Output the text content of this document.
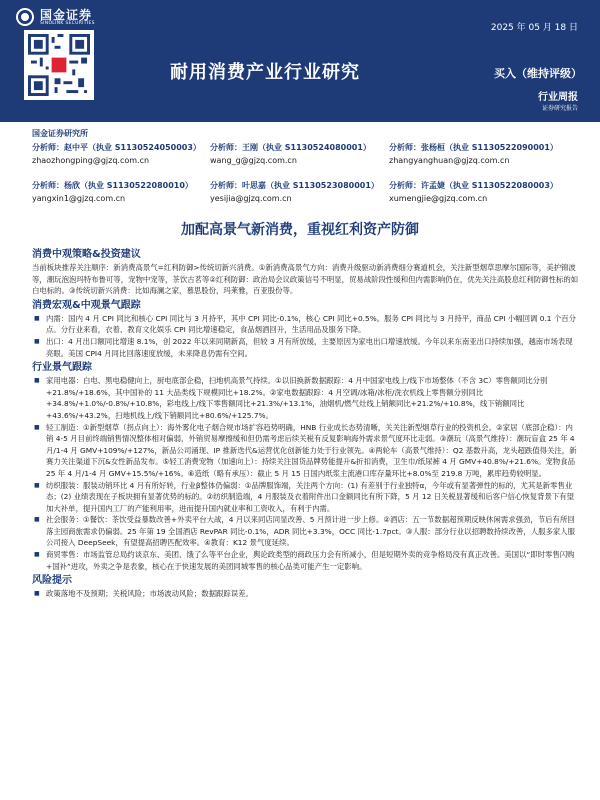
国金证券
SINOLINK SECURITIES	2025 年 05 月 18 日
耐用消费产业行业研究	买入（维持评级）
行业周报
证券研究报告
国金证券研究所
分析师：赵中平（执业 S1130524050003）
zhaozhongping@gjzq.com.cn
分析师：王刚（执业 S1130524080001）
wang_g@gjzq.com.cn
分析师：张杨桓（执业 S1130522090001）
zhangyanghuan@gjzq.com.cn
分析师：杨欣（执业 S1130522080010）
yangxin1@gjzq.com.cn
分析师：叶思嘉（执业 S1130523080001）
yesijia@gjzq.com.cn
分析师：许孟婕（执业 S1130522080003）
xumengjie@gjzq.com.cn
加配高景气新消费，重视红利资产防御
消费中观策略&投资建议
当前板块推荐关注顺序：新消费高景气=红利防御>传统切新兴消费。①新消费高景气方向：消费升级驱动新消费细分赛道机会，关注新型烟草思摩尔国际等，美护锦波等，潮玩泡泡玛特布鲁可等，宠物中宠等，茶饮古茗等②红利防御：政治局会议政策信号不明显，贸易战阶段性缓和但内需影响仍在，优先关注高股息红利防御性标的如白电标的。③传统切新兴消费：比如海澜之家，慕思股份，玛莱雅，百亚股份等。
消费宏观&中观景气跟踪
■ 内需：国内 4 月 CPI 同比和核心 CPI 同比与 3 月持平，其中 CPI 同比-0.1%，核心 CPI 同比+0.5%。服务 CPI 同比与 3 月持平，商品 CPI 小幅回调 0.1 个百分点。分行业来看，衣着、教育文化娱乐 CPI 同比增速稳定，食品烟酒回升，生活用品及服务下降。
■ 出口：4 月出口额同比增速 8.1%，创 2022 年以来同期新高，但较 3 月有所放缓，主要原因为家电出口增速放缓。今年以来东南亚出口持续加强，越南市场表现亮眼。美国 CPI4 月同比回落速度放缓，未来降息仍需有空间。
行业景气跟踪
■ 家用电器：白电、黑电稳健向上，厨电底部企稳，扫地机高景气持续。①以旧换新数据跟踪：4 月中国家电线上/线下市场整体（不含 3C）零售额同比分别+21.8%/+18.6%，其中国补的 11 大品类线下规模同比+18.2%。②家电数据跟踪：4 月空调/冰箱/冰柜/洗衣机线上零售额分别同比+34.8%/+1.0%/-0.8%/+10.8%，彩电线上/线下零售额同比+21.3%/+13.1%，油烟机/燃气灶线上销额同比+21.2%/+10.8%，线下销额同比+43.6%/+43.2%，扫地机线上/线下销额同比+80.6%/+125.7%。
■ 轻工制造：①新型烟草（拐点向上）：海外雾化电子烟合规市场扩容趋势明确，HNB 行业成长态势清晰，关关注新型烟草行业的投资机会。②家居（底部企稳）：内销 4-5 月目前终端销售情况整体相对偏弱，外销贸易摩擦缓和但仍需考虑后续关税有反复影响海外需求景气度环比走弱。③潮玩（高景气维持）：潮玩盲盒 25 年 4 月/1-4 月 GMV+109%/+127%，新品公司涌现、IP 推新迭代&运营优化创新能力处于行业领先。④两轮车（高景气维持）：Q2 基数升高，龙头超跌值得关注，新赛力关注渠道下沉&女性新品发布。⑤轻工消费宠物（加速向上）：持续关注国货品牌势能提升&折扣消费，卫生巾/纸尿裤 4 月 GMV+40.8%/+21.6%。宠物食品 25 年 4 月/1-4 月 GMV+15.5%/+16%。⑥造纸（略有承压）：截止 5 月 15 日国内纸浆主流港口库存量环比+8.0%至 219.8 万吨，累库趋势较明显。
■ 纺织服装：服装动销环比 4 月有所好转，行业β整体仍偏弱：①品牌服饰端，关注两个方向：(1) 有差别于行业独特α，今年或有显著弹性的标的，尤其是新零售业态；(2) 业绩表现在子板块拥有显著优势的标的。②纺织制造端，4 月服装及衣着附件出口金额同比有所下降，5 月 12 日关税显著缓和后客户信心恢复背景下有望加大补单，提升国内工厂的产能利用率，进而提升国内就业率和工资收入，有利于内需。
■ 社会服务：①餐饮：茶饮受益暴数改善+外卖平台大战，4 月以来同店同显改善、5 月预计进一步上修。②酒店：五一节数据超预期反映休闲需求强劲，节后有所回落主园商旅需求仍偏弱。25 年第 19 全国酒店 RevPAR 同比-0.1%，ADR 同比+3.3%，OCC 同比-1.7pct。③人服：部分行业以招聘数持续改善，人服多家人服公司接入 DeepSeek，有望提高招聘匹配效率。④教育：K12 景气度延续。
■ 商贸零售：市场监管总局约谈京东、美团、饿了么等平台企业，舆论政类型的商政压力会有所减小，但是短期外卖的竞争格局没有真正改善。美国以“即时零售闪购+国补”进攻，外卖之争是表象，核心在于快速发展的美团同城零售的核心品类可能产生一定影响。
风险提示
■ 政策落地不及预期；关税风险；市场波动风险；数据跟踪误差。
